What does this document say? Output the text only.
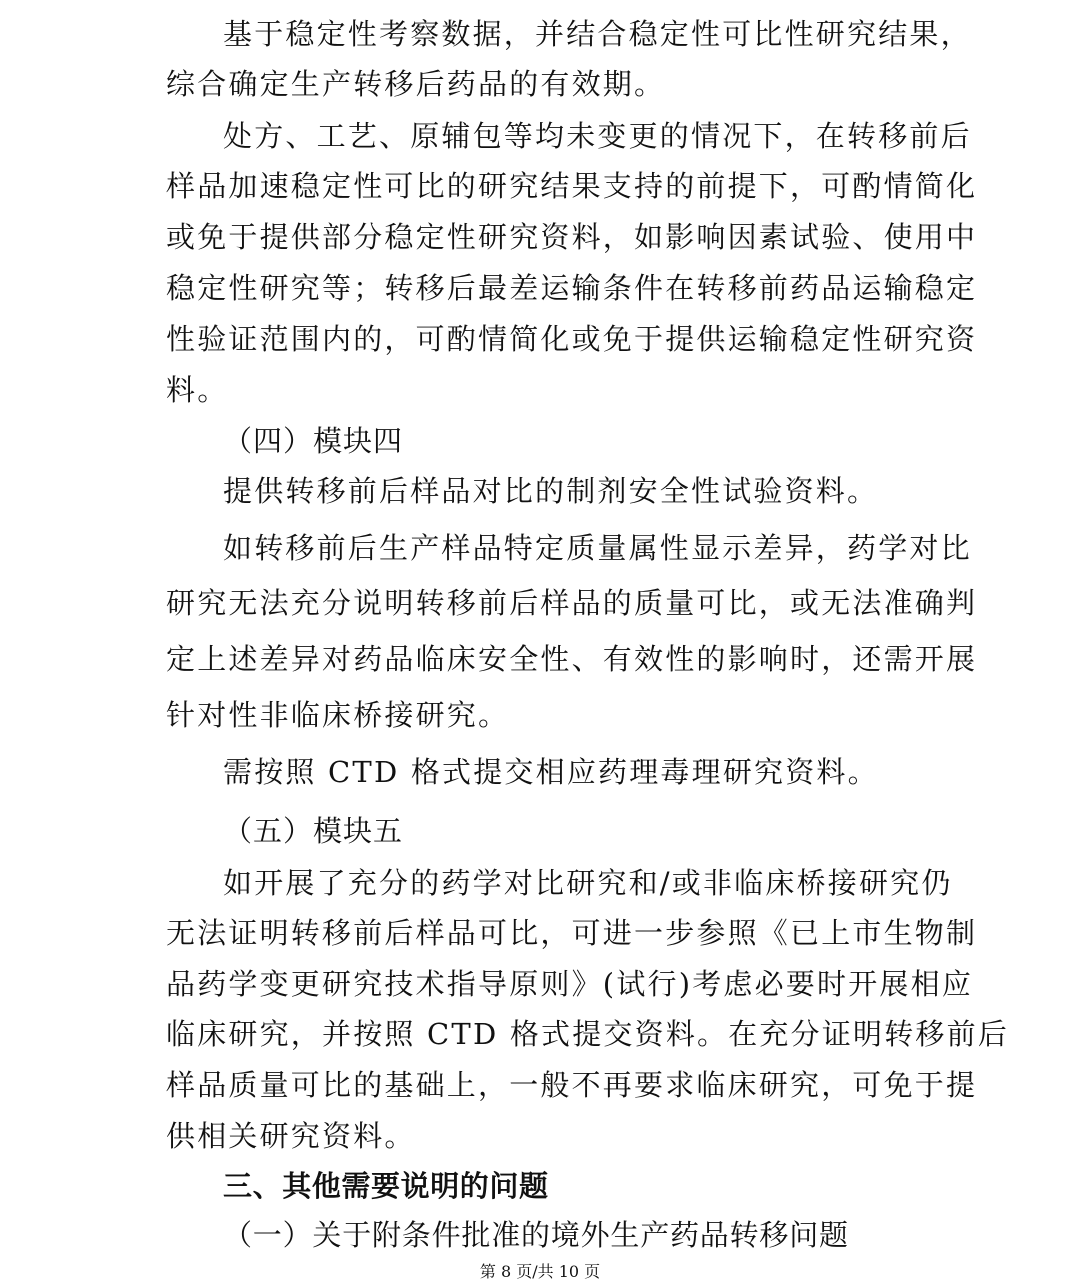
基于稳定性考察数据，并结合稳定性可比性研究结果，
综合确定生产转移后药品的有效期。
处方、工艺、原辅包等均未变更的情况下，在转移前后
样品加速稳定性可比的研究结果支持的前提下，可酌情简化
或免于提供部分稳定性研究资料，如影响因素试验、使用中
稳定性研究等；转移后最差运输条件在转移前药品运输稳定
性验证范围内的，可酌情简化或免于提供运输稳定性研究资
料。
（四）模块四
提供转移前后样品对比的制剂安全性试验资料。
如转移前后生产样品特定质量属性显示差异，药学对比
研究无法充分说明转移前后样品的质量可比，或无法准确判
定上述差异对药品临床安全性、有效性的影响时，还需开展
针对性非临床桥接研究。
需按照 CTD 格式提交相应药理毒理研究资料。
（五）模块五
如开展了充分的药学对比研究和/或非临床桥接研究仍
无法证明转移前后样品可比，可进一步参照《已上市生物制
品药学变更研究技术指导原则》(试行)考虑必要时开展相应
临床研究，并按照 CTD 格式提交资料。在充分证明转移前后
样品质量可比的基础上，一般不再要求临床研究，可免于提
供相关研究资料。
三、其他需要说明的问题
（一）关于附条件批准的境外生产药品转移问题
第 8 页/共 10 页
